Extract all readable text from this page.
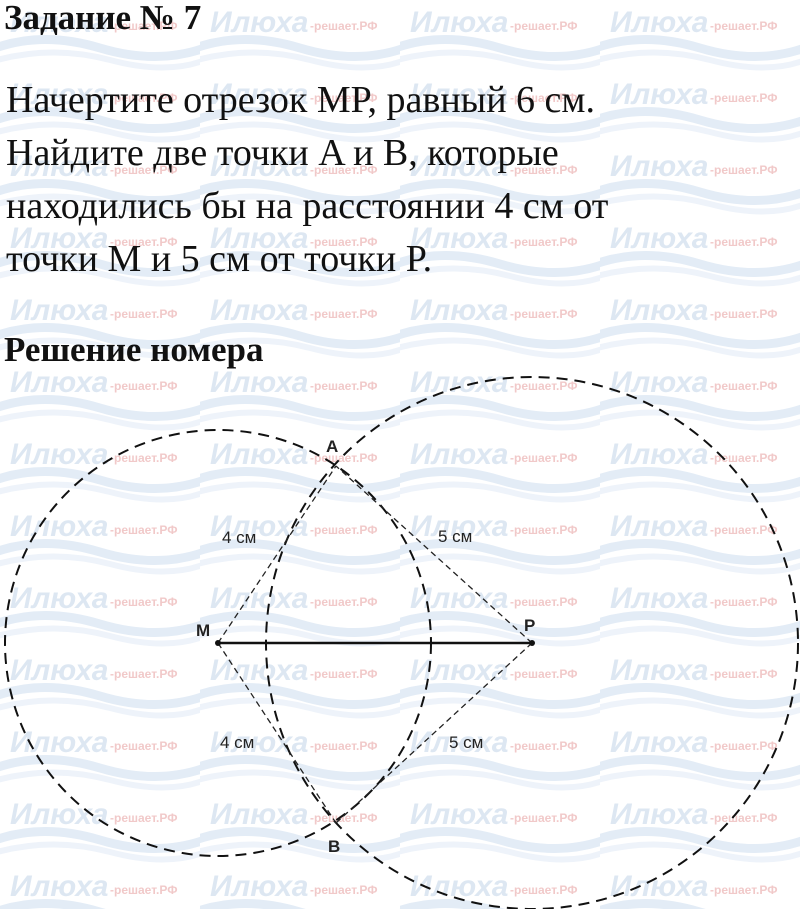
Задание № 7
Начертите отрезок MP, равный 6 см.
Найдите две точки A и B, которые
находились бы на расстоянии 4 см от
точки M и 5 см от точки P.
Решение номера
A
B
M	P
4 см	5 см
4 см	5 см
